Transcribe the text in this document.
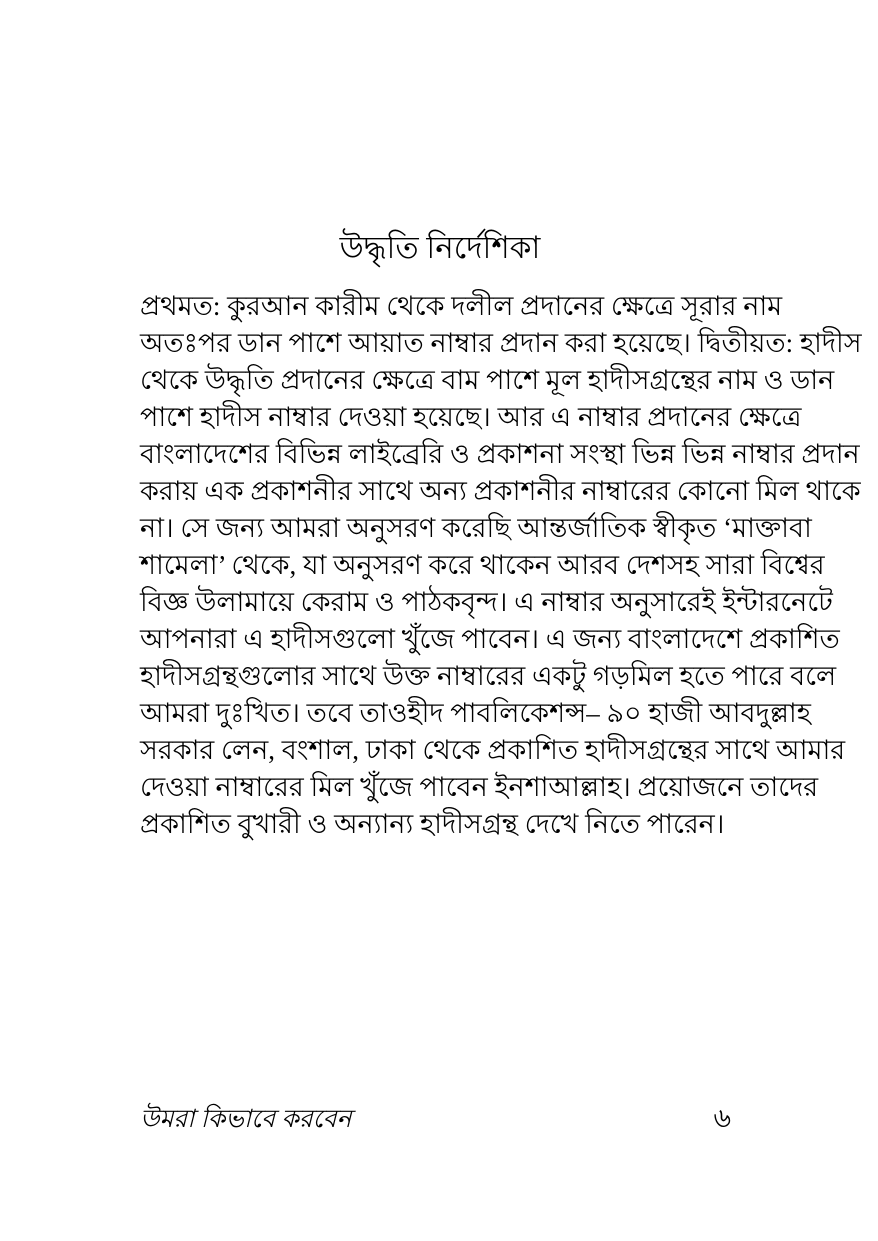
উদ্ধৃতি নির্দেশিকা
প্রথমত: কুরআন কারীম থেকে দলীল প্রদানের ক্ষেত্রে সূরার নাম
অতঃপর ডান পাশে আয়াত নাম্বার প্রদান করা হয়েছে। দ্বিতীয়ত: হাদীস
থেকে উদ্ধৃতি প্রদানের ক্ষেত্রে বাম পাশে মূল হাদীসগ্রন্থের নাম ও ডান
পাশে হাদীস নাম্বার দেওয়া হয়েছে। আর এ নাম্বার প্রদানের ক্ষেত্রে
বাংলাদেশের বিভিন্ন লাইব্রেরি ও প্রকাশনা সংস্থা ভিন্ন ভিন্ন নাম্বার প্রদান
করায় এক প্রকাশনীর সাথে অন্য প্রকাশনীর নাম্বারের কোনো মিল থাকে
না। সে জন্য আমরা অনুসরণ করেছি আন্তর্জাতিক স্বীকৃত ‘মাক্তাবা
শামেলা’ থেকে, যা অনুসরণ করে থাকেন আরব দেশসহ সারা বিশ্বের
বিজ্ঞ উলামায়ে কেরাম ও পাঠকবৃন্দ। এ নাম্বার অনুসারেই ইন্টারনেটে
আপনারা এ হাদীসগুলো খুঁজে পাবেন। এ জন্য বাংলাদেশে প্রকাশিত
হাদীসগ্রন্থগুলোর সাথে উক্ত নাম্বারের একটু গড়মিল হতে পারে বলে
আমরা দুঃখিত। তবে তাওহীদ পাবলিকেশন্স– ৯০ হাজী আবদুল্লাহ
সরকার লেন, বংশাল, ঢাকা থেকে প্রকাশিত হাদীসগ্রন্থের সাথে আমার
দেওয়া নাম্বারের মিল খুঁজে পাবেন ইনশাআল্লাহ। প্রয়োজনে তাদের
প্রকাশিত বুখারী ও অন্যান্য হাদীসগ্রন্থ দেখে নিতে পারেন।
উমরা কিভাবে করবেন	৬
